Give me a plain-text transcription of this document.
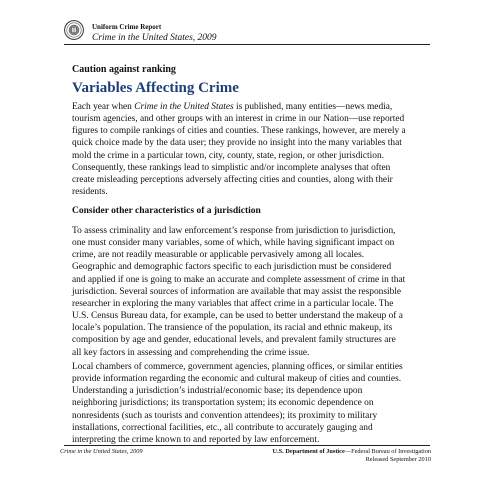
Uniform Crime Report
Crime in the United States, 2009
Caution against ranking
Variables Affecting Crime
Each year when Crime in the United States is published, many entities—news media,
tourism agencies, and other groups with an interest in crime in our Nation—use reported
figures to compile rankings of cities and counties. These rankings, however, are merely a
quick choice made by the data user; they provide no insight into the many variables that
mold the crime in a particular town, city, county, state, region, or other jurisdiction.
Consequently, these rankings lead to simplistic and/or incomplete analyses that often
create misleading perceptions adversely affecting cities and counties, along with their
residents.
Consider other characteristics of a jurisdiction
To assess criminality and law enforcement’s response from jurisdiction to jurisdiction,
one must consider many variables, some of which, while having significant impact on
crime, are not readily measurable or applicable pervasively among all locales.
Geographic and demographic factors specific to each jurisdiction must be considered
and applied if one is going to make an accurate and complete assessment of crime in that
jurisdiction. Several sources of information are available that may assist the responsible
researcher in exploring the many variables that affect crime in a particular locale. The
U.S. Census Bureau data, for example, can be used to better understand the makeup of a
locale’s population. The transience of the population, its racial and ethnic makeup, its
composition by age and gender, educational levels, and prevalent family structures are
all key factors in assessing and comprehending the crime issue.
Local chambers of commerce, government agencies, planning offices, or similar entities
provide information regarding the economic and cultural makeup of cities and counties.
Understanding a jurisdiction’s industrial/economic base; its dependence upon
neighboring jurisdictions; its transportation system; its economic dependence on
nonresidents (such as tourists and convention attendees); its proximity to military
installations, correctional facilities, etc., all contribute to accurately gauging and
interpreting the crime known to and reported by law enforcement.
Crime in the United States, 2009	U.S. Department of Justice—Federal Bureau of Investigation
Released September 2010
